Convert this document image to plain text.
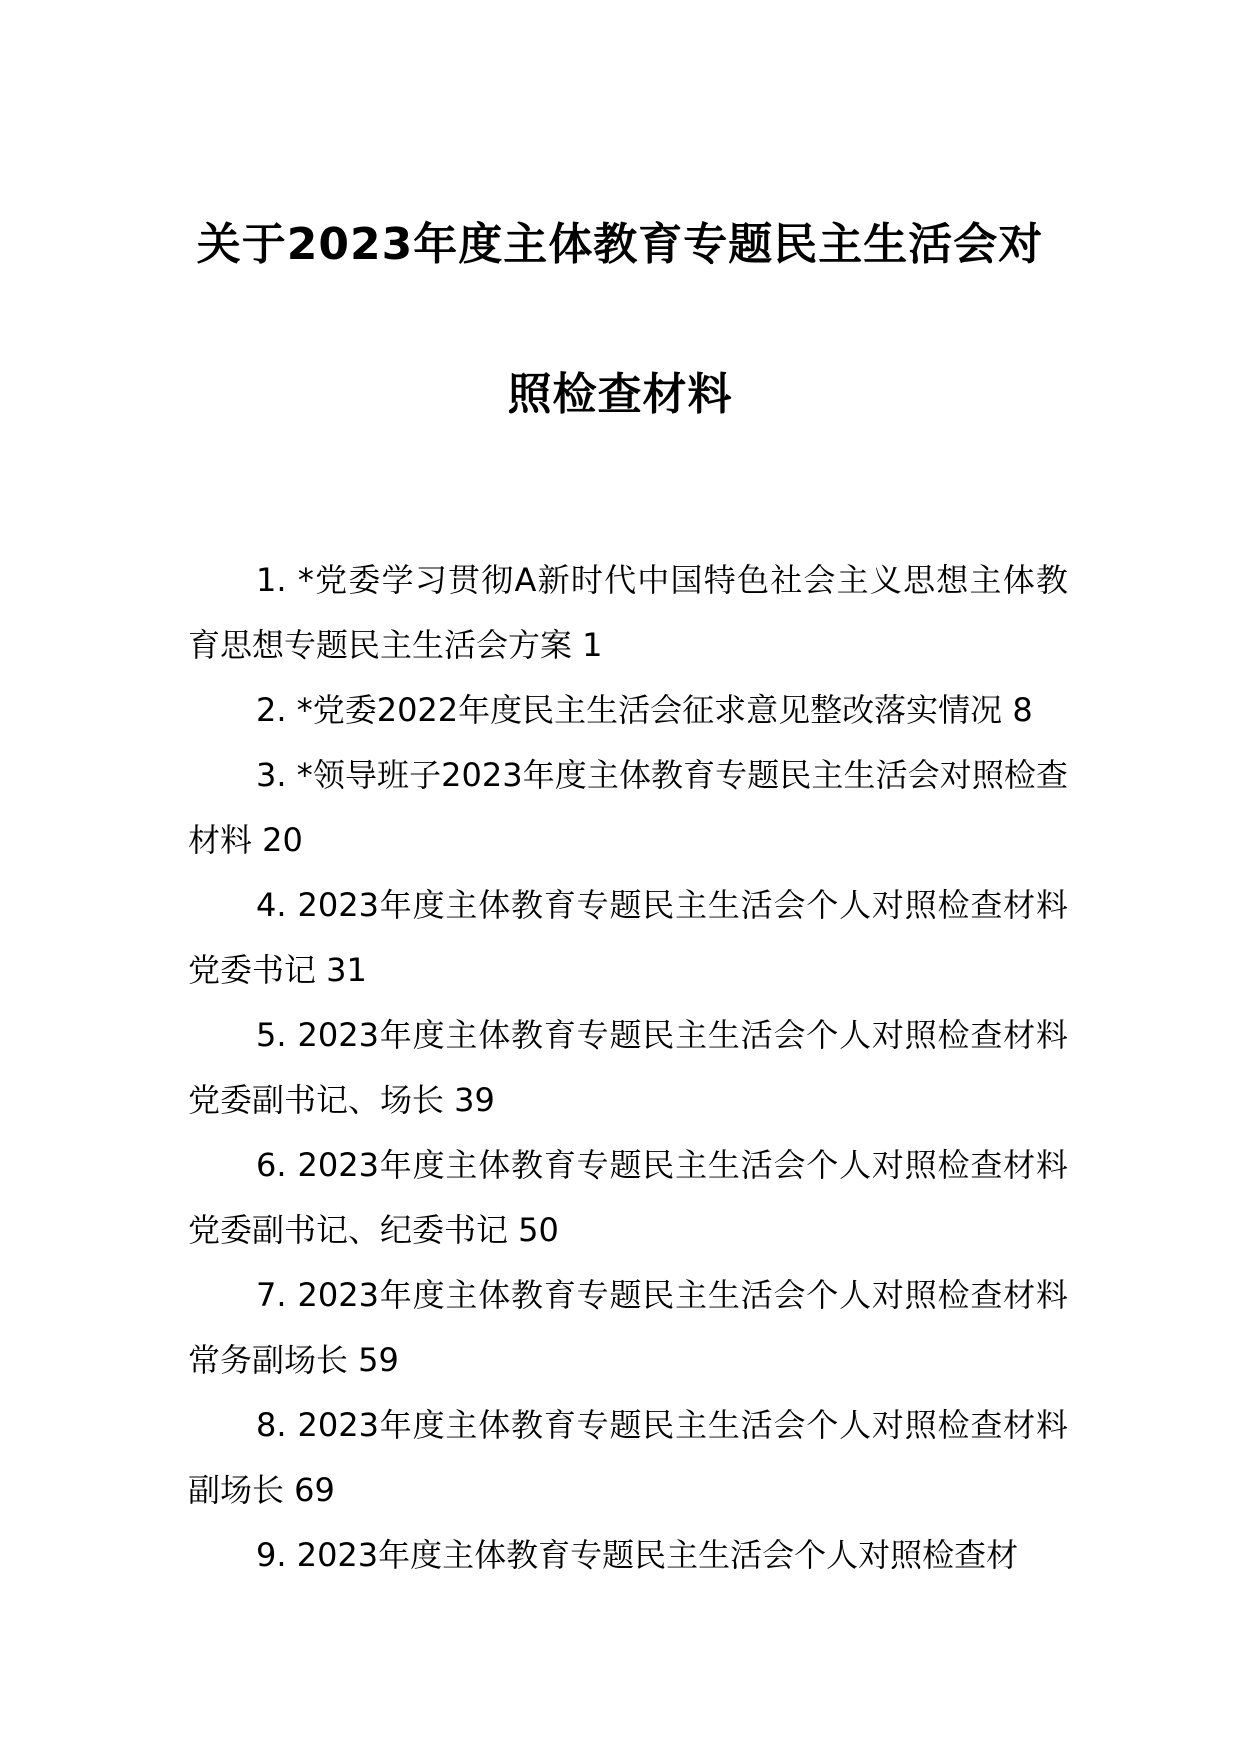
关于2023年度主体教育专题民主生活会对
照检查材料
1. *党委学习贯彻A新时代中国特色社会主义思想主体教育思想专题民主生活会方案 1
2. *党委2022年度民主生活会征求意见整改落实情况 8
3. *领导班子2023年度主体教育专题民主生活会对照检查材料 20
4. 2023年度主体教育专题民主生活会个人对照检查材料 党委书记 31
5. 2023年度主体教育专题民主生活会个人对照检查材料 党委副书记、场长 39
6. 2023年度主体教育专题民主生活会个人对照检查材料 党委副书记、纪委书记 50
7. 2023年度主体教育专题民主生活会个人对照检查材料 常务副场长 59
8. 2023年度主体教育专题民主生活会个人对照检查材料 副场长 69
9. 2023年度主体教育专题民主生活会个人对照检查材
